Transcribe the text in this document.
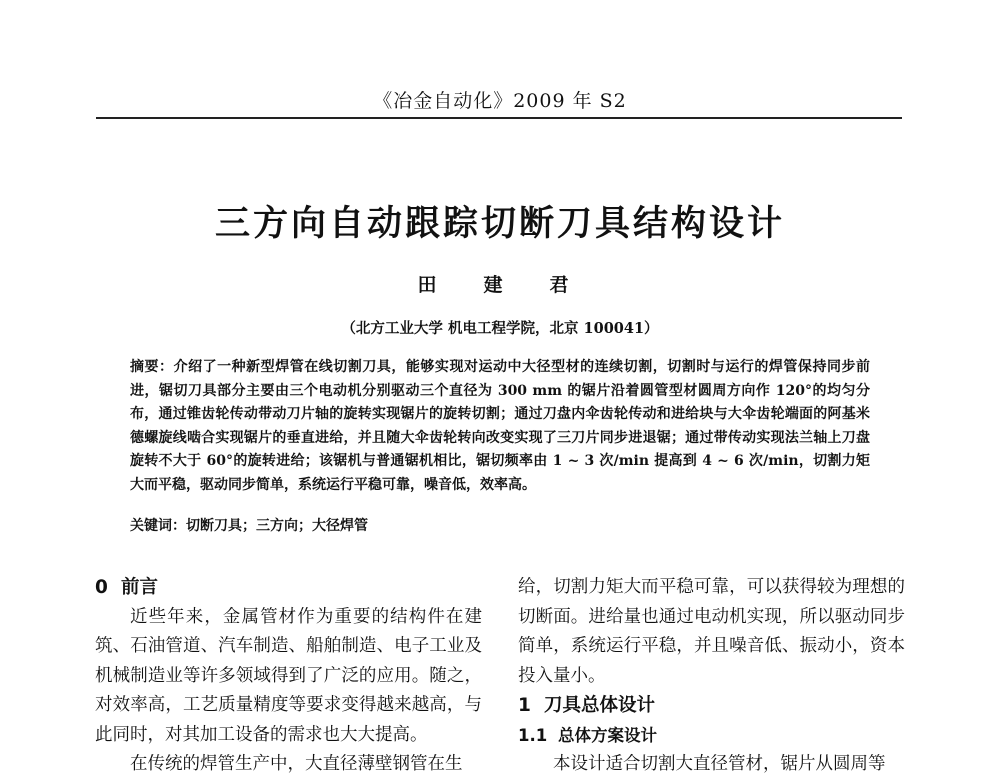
《冶金自动化》2009 年 S2
三方向自动跟踪切断刀具结构设计
田　建　君
（北方工业大学 机电工程学院，北京 100041）
摘要：介绍了一种新型焊管在线切割刀具，能够实现对运动中大径型材的连续切割，切割时与运行的焊管保持同步前进，锯切刀具部分主要由三个电动机分别驱动三个直径为 300 mm 的锯片沿着圆管型材圆周方向作 120°的均匀分布，通过锥齿轮传动带动刀片轴的旋转实现锯片的旋转切割；通过刀盘内伞齿轮传动和进给块与大伞齿轮端面的阿基米德螺旋线啮合实现锯片的垂直进给，并且随大伞齿轮转向改变实现了三刀片同步进退锯；通过带传动实现法兰轴上刀盘旋转不大于 60°的旋转进给；该锯机与普通锯机相比，锯切频率由 1 ~ 3 次/min 提高到 4 ~ 6 次/min，切割力矩大而平稳，驱动同步简单，系统运行平稳可靠，噪音低，效率高。
关键词：切断刀具；三方向；大径焊管
0 前言

近些年来，金属管材作为重要的结构件在建筑、石油管道、汽车制造、船舶制造、电子工业及机械制造业等许多领域得到了广泛的应用。随之，对效率高，工艺质量精度等要求变得越来越高，与此同时，对其加工设备的需求也大大提高。

在传统的焊管生产中，大直径薄壁钢管在生

给，切割力矩大而平稳可靠，可以获得较为理想的切断面。进给量也通过电动机实现，所以驱动同步简单，系统运行平稳，并且噪音低、振动小，资本投入量小。

1 刀具总体设计
1.1 总体方案设计

本设计适合切割大直径管材，锯片从圆周等
